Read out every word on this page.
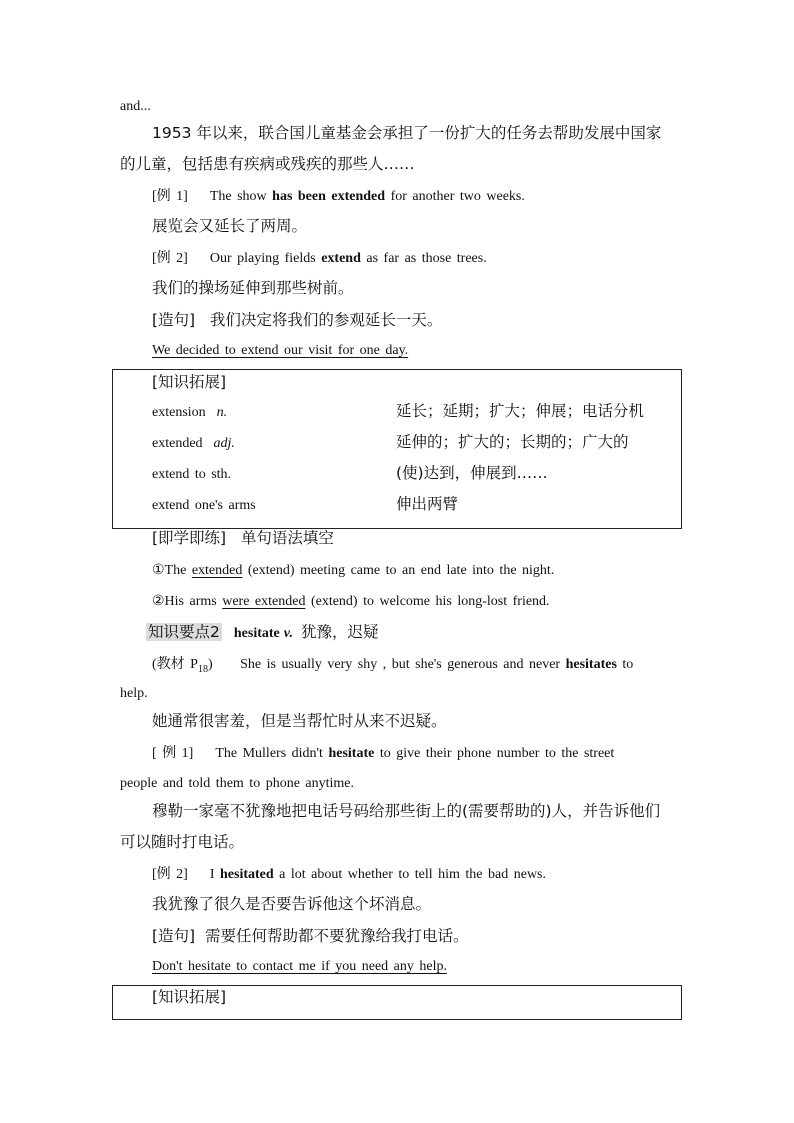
and...
1953 年以来，联合国儿童基金会承担了一份扩大的任务去帮助发展中国家
的儿童，包括患有疾病或残疾的那些人……
[例 1] The show has been extended for another two weeks.
展览会又延长了两周。
[例 2] Our playing fields extend as far as those trees.
我们的操场延伸到那些树前。
[造句] 我们决定将我们的参观延长一天。
We decided to extend our visit for one day.
[知识拓展]
extension n.	延长；延期；扩大；伸展；电话分机
extended adj.	延伸的；扩大的；长期的；广大的
extend to sth.	(使)达到，伸展到……
extend one's arms	伸出两臂
[即学即练] 单句语法填空
①The extended (extend) meeting came to an end late into the night.
②His arms were extended (extend) to welcome his long-lost friend.
知识要点2 hesitate v. 犹豫，迟疑
(教材 $P_{18}$) She is usually very shy , but she's generous and never hesitates to
help.
她通常很害羞，但是当帮忙时从来不迟疑。
[ 例 1] The Mullers didn't hesitate to give their phone number to the street
people and told them to phone anytime.
穆勒一家毫不犹豫地把电话号码给那些街上的(需要帮助的)人，并告诉他们
可以随时打电话。
[例 2] I hesitated a lot about whether to tell him the bad news.
我犹豫了很久是否要告诉他这个坏消息。
[造句] 需要任何帮助都不要犹豫给我打电话。
Don't hesitate to contact me if you need any help.
[知识拓展]
